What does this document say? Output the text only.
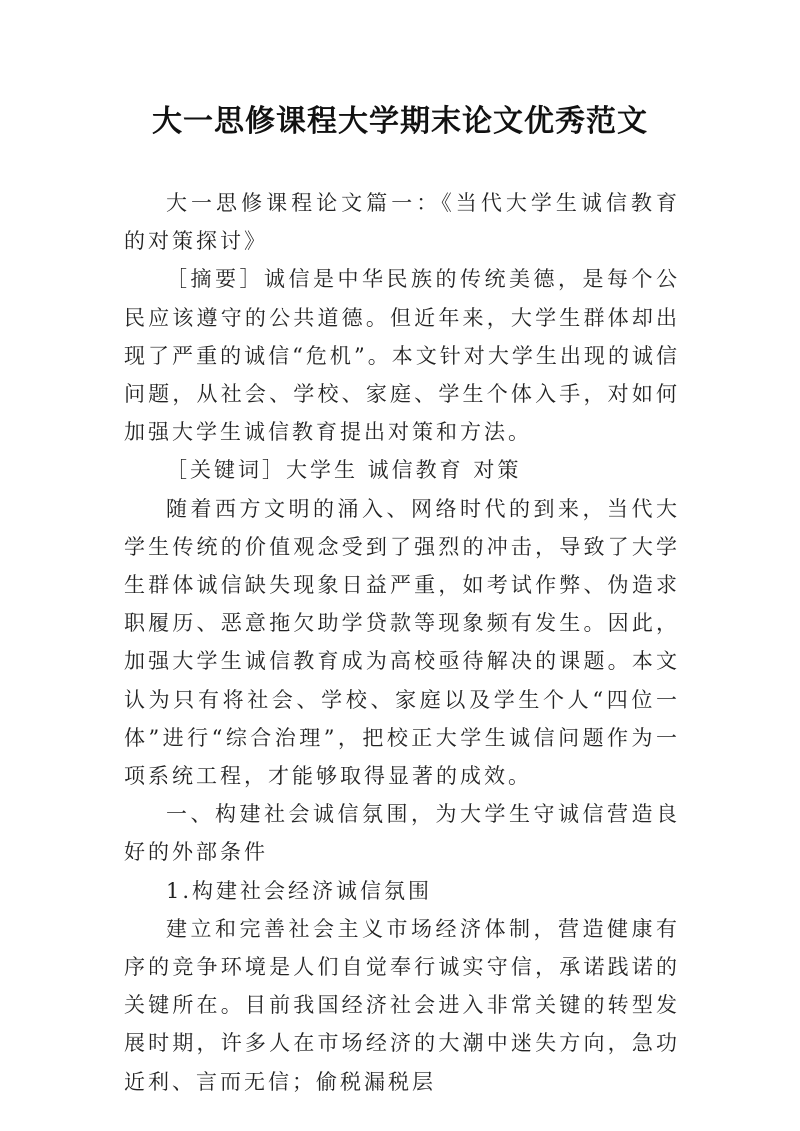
大一思修课程大学期末论文优秀范文

大一思修课程论文篇一：《当代大学生诚信教育的对策探讨》

［摘要］诚信是中华民族的传统美德，是每个公民应该遵守的公共道德。但近年来，大学生群体却出现了严重的诚信“危机”。本文针对大学生出现的诚信问题，从社会、学校、家庭、学生个体入手，对如何加强大学生诚信教育提出对策和方法。

［关键词］大学生 诚信教育 对策

随着西方文明的涌入、网络时代的到来，当代大学生传统的价值观念受到了强烈的冲击，导致了大学生群体诚信缺失现象日益严重，如考试作弊、伪造求职履历、恶意拖欠助学贷款等现象频有发生。因此，加强大学生诚信教育成为高校亟待解决的课题。本文认为只有将社会、学校、家庭以及学生个人“四位一体”进行“综合治理”，把校正大学生诚信问题作为一项系统工程，才能够取得显著的成效。

一、构建社会诚信氛围，为大学生守诚信营造良好的外部条件

1.构建社会经济诚信氛围

建立和完善社会主义市场经济体制，营造健康有序的竞争环境是人们自觉奉行诚实守信，承诺践诺的关键所在。目前我国经济社会进入非常关键的转型发展时期，许多人在市场经济的大潮中迷失方向，急功近利、言而无信；偷税漏税层
